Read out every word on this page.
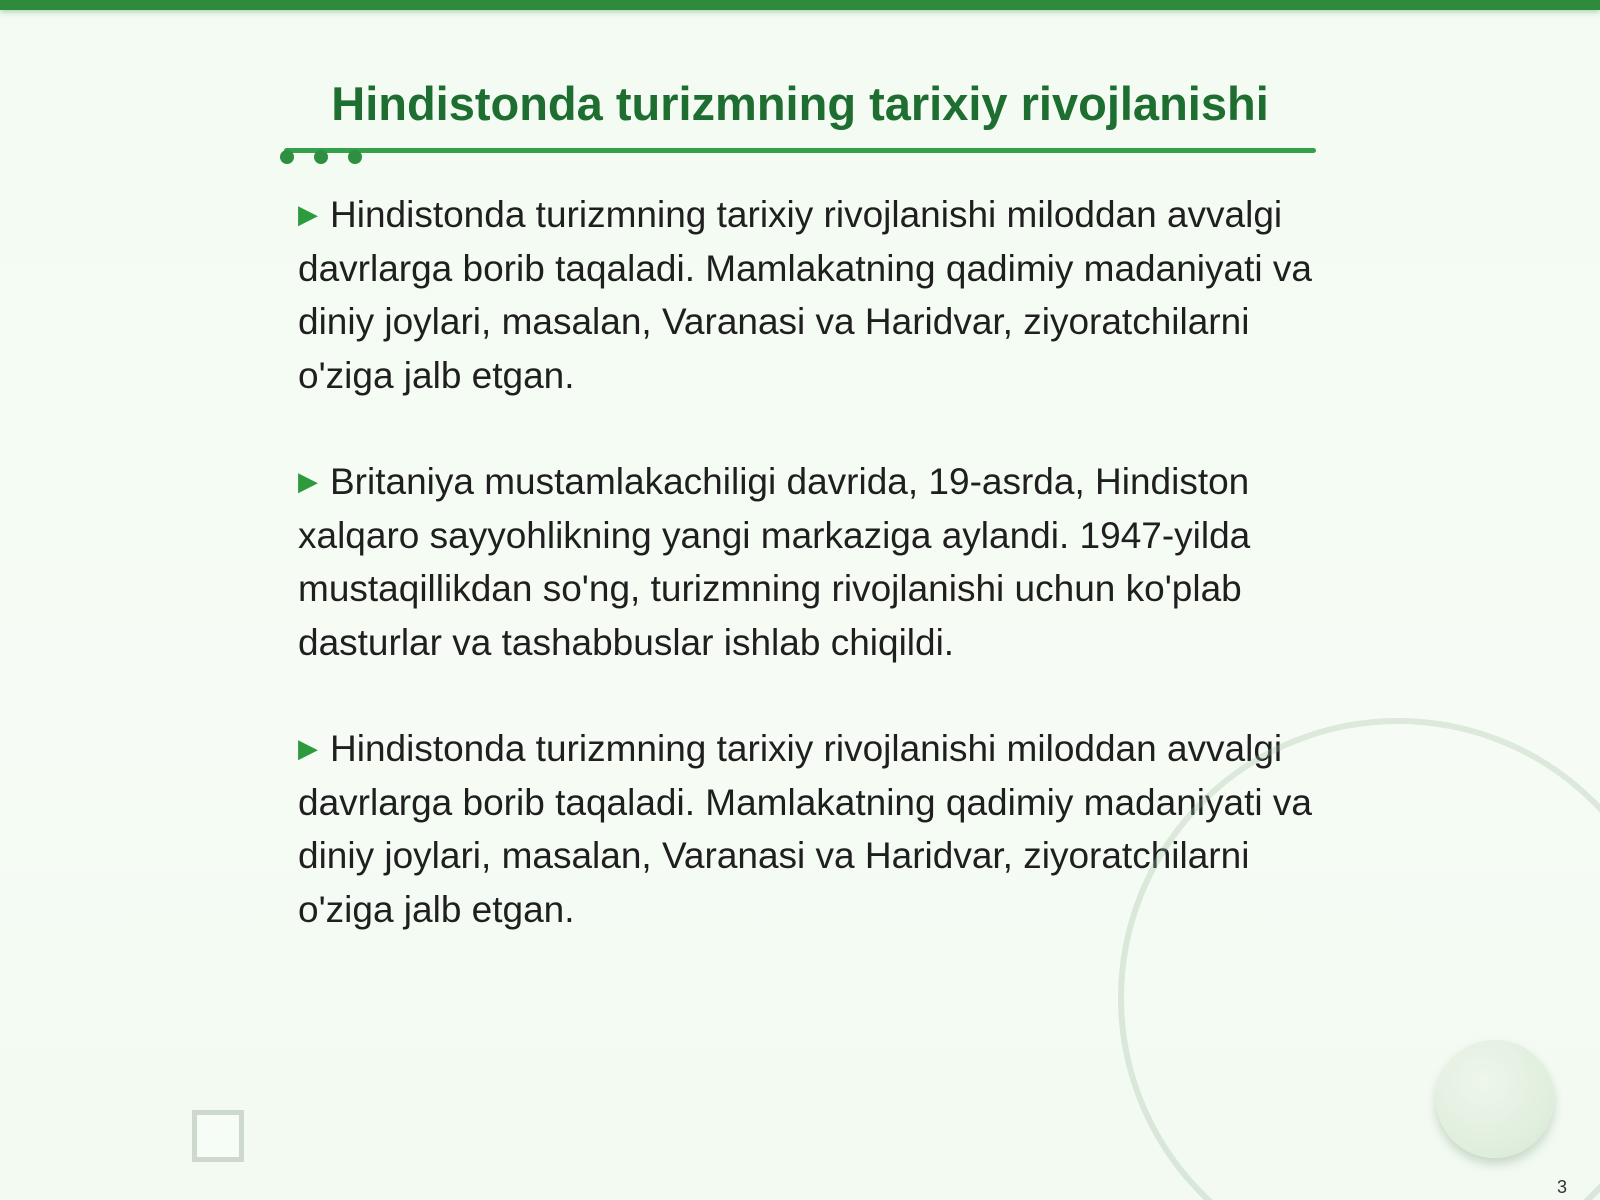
Hindistonda turizmning tarixiy rivojlanishi

▶ Hindistonda turizmning tarixiy rivojlanishi miloddan avvalgi davrlarga borib taqaladi. Mamlakatning qadimiy madaniyati va diniy joylari, masalan, Varanasi va Haridvar, ziyoratchilarni o'ziga jalb etgan.

▶ Britaniya mustamlakachiligi davrida, 19-asrda, Hindiston xalqaro sayyohlikning yangi markaziga aylandi. 1947-yilda mustaqillikdan so'ng, turizmning rivojlanishi uchun ko'plab dasturlar va tashabbuslar ishlab chiqildi.

▶ Hindistonda turizmning tarixiy rivojlanishi miloddan avvalgi davrlarga borib taqaladi. Mamlakatning qadimiy madaniyati va diniy joylari, masalan, Varanasi va Haridvar, ziyoratchilarni o'ziga jalb etgan.

3
